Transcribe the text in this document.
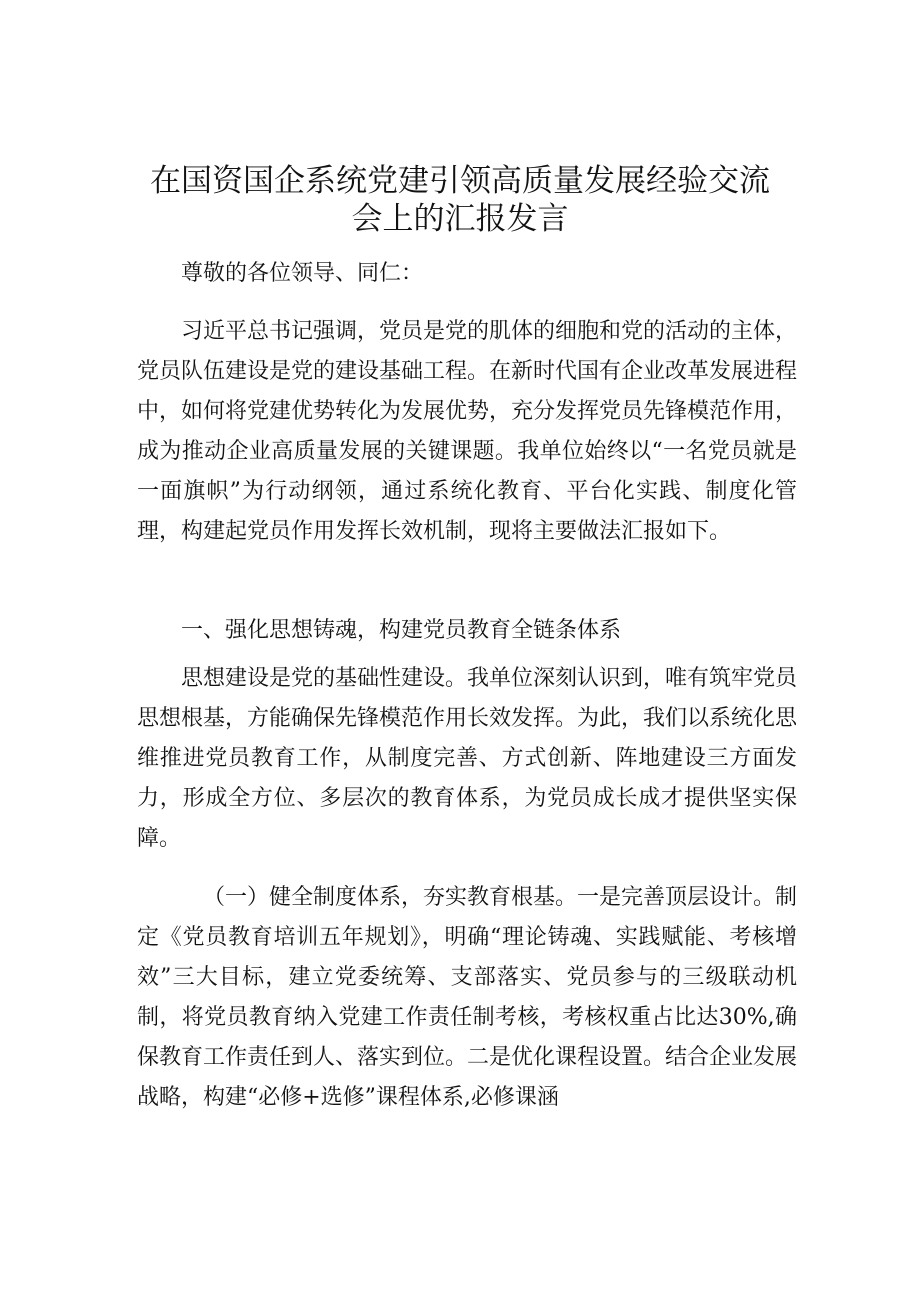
在国资国企系统党建引领高质量发展经验交流
会上的汇报发言

尊敬的各位领导、同仁：

习近平总书记强调，党员是党的肌体的细胞和党的活动的主体，党员队伍建设是党的建设基础工程。在新时代国有企业改革发展进程中，如何将党建优势转化为发展优势，充分发挥党员先锋模范作用，成为推动企业高质量发展的关键课题。我单位始终以“一名党员就是一面旗帜”为行动纲领，通过系统化教育、平台化实践、制度化管理，构建起党员作用发挥长效机制，现将主要做法汇报如下。

一、强化思想铸魂，构建党员教育全链条体系

思想建设是党的基础性建设。我单位深刻认识到，唯有筑牢党员思想根基，方能确保先锋模范作用长效发挥。为此，我们以系统化思维推进党员教育工作，从制度完善、方式创新、阵地建设三方面发力，形成全方位、多层次的教育体系，为党员成长成才提供坚实保障。

（一）健全制度体系，夯实教育根基。一是完善顶层设计。制定《党员教育培训五年规划》，明确“理论铸魂、实践赋能、考核增效”三大目标，建立党委统筹、支部落实、党员参与的三级联动机制，将党员教育纳入党建工作责任制考核，考核权重占比达30%,确保教育工作责任到人、落实到位。二是优化课程设置。结合企业发展战略，构建“必修+选修”课程体系,必修课涵
